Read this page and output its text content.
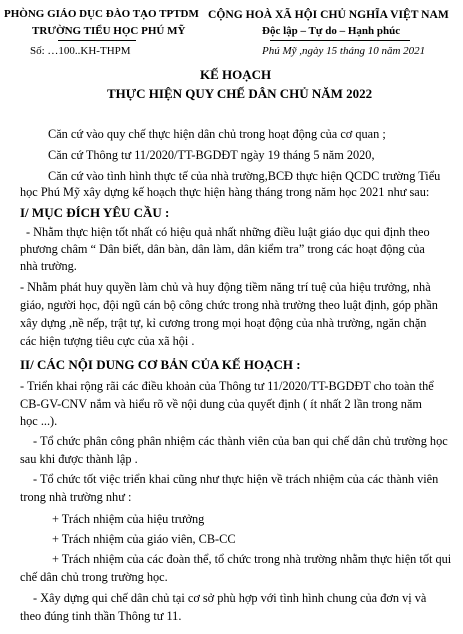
PHÒNG GIÁO DỤC ĐÀO TẠO TPTDM
TRƯỜNG TIỂU HỌC PHÚ MỸ
Số: …100..KH-THPM
CỘNG HOÀ XÃ HỘI CHỦ NGHĨA VIỆT NAM
Độc lập – Tự do – Hạnh phúc
Phú Mỹ ,ngày 15 tháng 10 năm 2021
KẾ HOẠCH
THỰC HIỆN QUY CHẾ DÂN CHỦ NĂM 2022
Căn cứ vào quy chế thực hiện dân chủ trong hoạt động của cơ quan ;
Căn cứ Thông tư 11/2020/TT-BGDĐT ngày 19 tháng 5 năm 2020,
Căn cứ vào tình hình thực tế của nhà trường,BCĐ thực hiện QCDC trường Tiểu
học Phú Mỹ xây dựng kế hoạch thực hiện hàng tháng trong năm học 2021 như sau:
I/ MỤC ĐÍCH YÊU CẦU :
- Nhằm thực hiện tốt nhất có hiệu quả nhất những điều luật giáo dục qui định theo
phương châm “ Dân biết, dân bàn, dân làm, dân kiểm tra” trong các hoạt động của
nhà trường.
- Nhằm phát huy quyền làm chủ và huy động tiềm năng trí tuệ của hiệu trưởng, nhà
giáo, người học, đội ngũ cán bộ công chức trong nhà trường theo luật định, góp phần
xây dựng ,nề nếp, trật tự, kỉ cương trong mọi hoạt động của nhà trường, ngăn chặn
các hiện tượng tiêu cực của xã hội .
II/ CÁC NỘI DUNG CƠ BẢN CỦA KẾ HOẠCH :
- Triển khai rộng rãi các điều khoản của Thông tư 11/2020/TT-BGDĐT cho toàn thể
CB-GV-CNV nắm và hiểu rõ về nội dung của quyết định ( ít nhất 2 lần trong năm
học ...).
- Tổ chức phân công phân nhiệm các thành viên của ban qui chế dân chủ trường học
sau khi được thành lập .
- Tổ chức tốt việc triển khai cũng như thực hiện về trách nhiệm của các thành viên
trong nhà trường như :
+ Trách nhiệm của hiệu trưởng
+ Trách nhiệm của giáo viên, CB-CC
+ Trách nhiệm của các đoàn thể, tổ chức trong nhà trường nhằm thực hiện tốt qui
chế dân chủ trong trường học.
- Xây dựng qui chế dân chủ tại cơ sở phù hợp với tình hình chung của đơn vị và
theo đúng tinh thần Thông tư 11.
